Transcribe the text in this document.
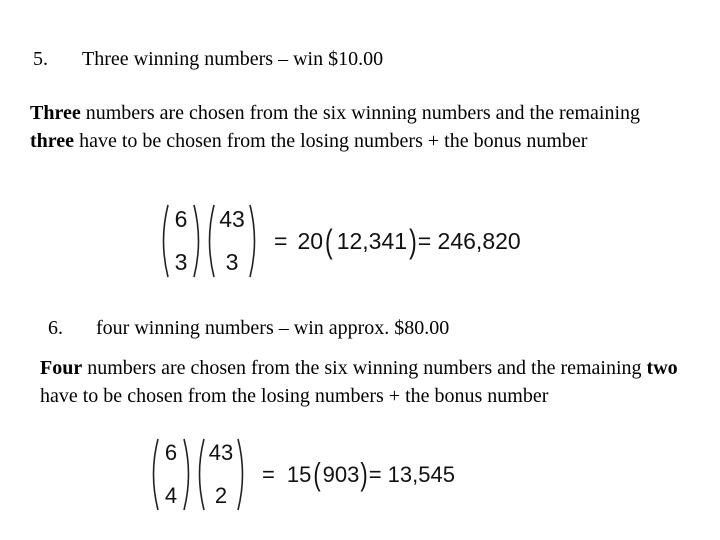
5. Three winning numbers – win $10.00
Three numbers are chosen from the six winning numbers and the remaining three have to be chosen from the losing numbers + the bonus number
6
3
43
3
= 20 ( 12,341 ) = 246,820
6. four winning numbers – win approx. $80.00
Four numbers are chosen from the six winning numbers and the remaining two have to be chosen from the losing numbers + the bonus number
6
4
43
2
= 15 ( 903 ) = 13,545
